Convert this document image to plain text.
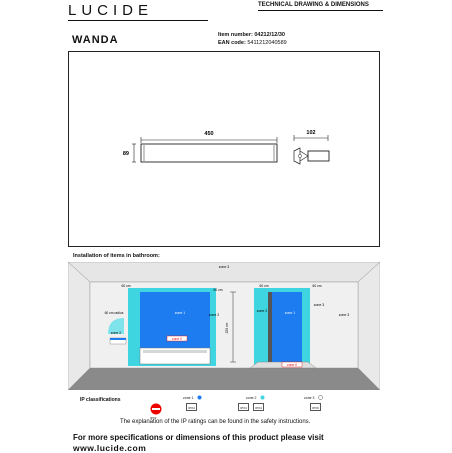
LUCIDE	TECHNICAL DRAWING & DIMENSIONS
WANDA	Item number: 04212/12/30
EAN code: 5411212040589
450
89
102
Installation of items in bathroom:
zone 3
zone 3
zone 3
zone 2
zone 2
zone 2
zone 1	zone 1
zone 0
zone 0
60 cm
60 cm
60 cm	60 cm
225 cm
60 cm radius
IP classifications	zone 1	zone 2	zone 3
IPX4	IPX4	IPX4	IPX0
IPX7
The explanation of the IP ratings can be found in the safety instructions.
For more specifications or dimensions of this product please visit
www.lucide.com
